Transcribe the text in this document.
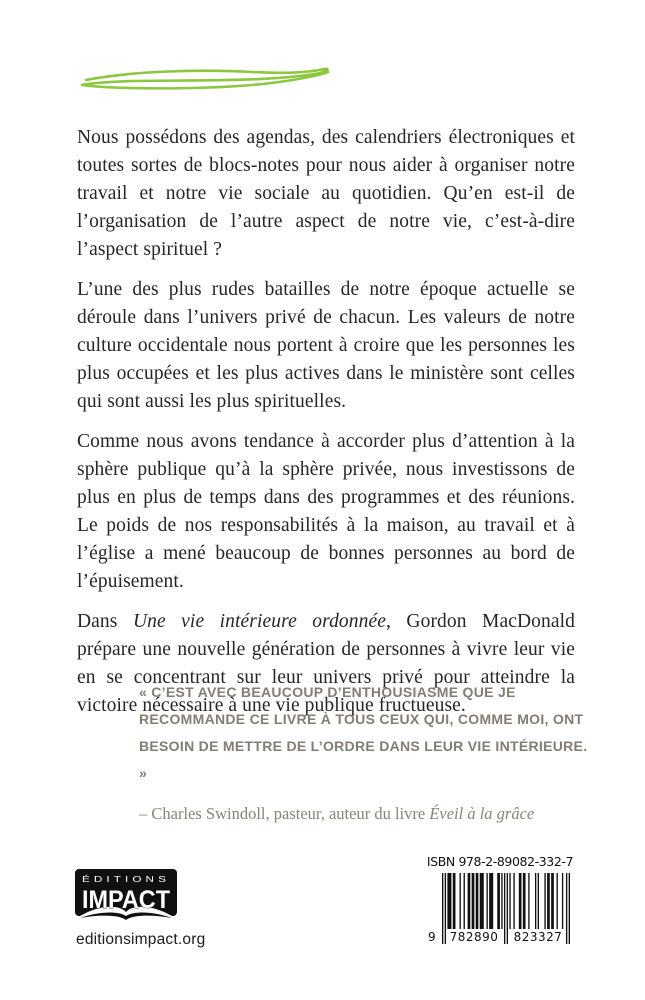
Nous possédons des agendas, des calendriers électroniques et toutes sortes de blocs-notes pour nous aider à organiser notre travail et notre vie sociale au quotidien. Qu’en est-il de l’organisation de l’autre aspect de notre vie, c’est-à-dire l’aspect spirituel ?

L’une des plus rudes batailles de notre époque actuelle se déroule dans l’univers privé de chacun. Les valeurs de notre culture occidentale nous portent à croire que les personnes les plus occupées et les plus actives dans le ministère sont celles qui sont aussi les plus spirituelles.

Comme nous avons tendance à accorder plus d’attention à la sphère publique qu’à la sphère privée, nous investissons de plus en plus de temps dans des programmes et des réunions. Le poids de nos responsabilités à la maison, au travail et à l’église a mené beaucoup de bonnes personnes au bord de l’épuisement.

Dans Une vie intérieure ordonnée, Gordon MacDonald prépare une nouvelle génération de personnes à vivre leur vie en se concentrant sur leur univers privé pour atteindre la victoire nécessaire à une vie publique fructueuse.

« C’EST AVEC BEAUCOUP D’ENTHOUSIASME QUE JE RECOMMANDE CE LIVRE À TOUS CEUX QUI, COMME MOI, ONT BESOIN DE METTRE DE L’ORDRE DANS LEUR VIE INTÉRIEURE. »
– Charles Swindoll, pasteur, auteur du livre Éveil à la grâce
ÉDITIONS
IMPACT
editionsimpact.org
ISBN 978-2-89082-332-7
9 782890 823327
